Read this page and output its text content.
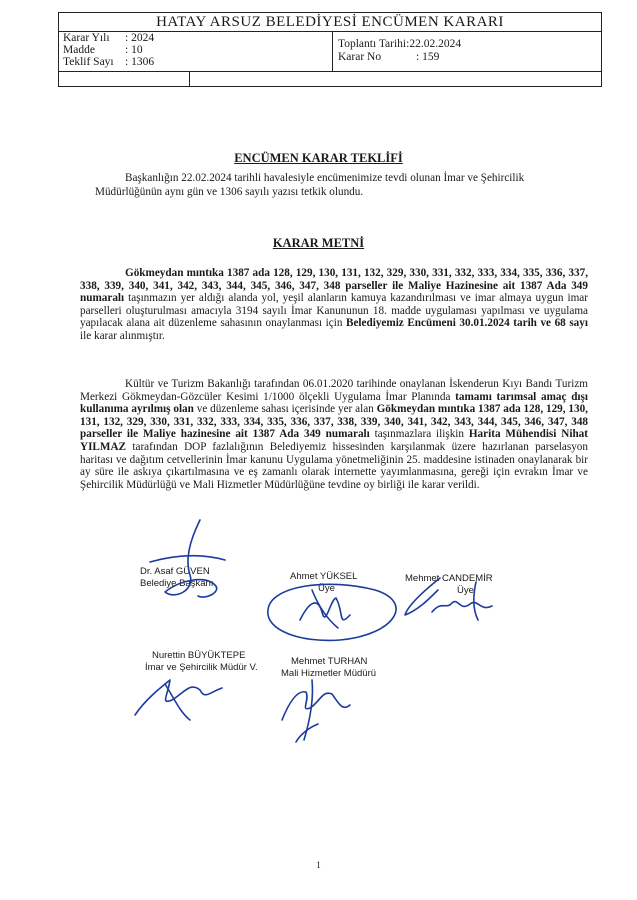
HATAY ARSUZ BELEDİYESİ ENCÜMEN KARARI
Karar Yılı : 2024
Madde	: 10
Teklif Sayı : 1306
Toplantı Tarihi:22.02.2024
Karar No	: 159
ENCÜMEN KARAR TEKLİFİ
Başkanlığın 22.02.2024 tarihli havalesiyle encümenimize tevdi olunan İmar ve Şehircilik
Müdürlüğünün aynı gün ve 1306 sayılı yazısı tetkik olundu.
KARAR METNİ
Gökmeydan mıntıka 1387 ada 128, 129, 130, 131, 132, 329, 330, 331, 332, 333, 334, 335, 336, 337, 338, 339, 340, 341, 342, 343, 344, 345, 346, 347, 348 parseller ile Maliye Hazinesine ait 1387 Ada 349 numaralı taşınmazın yer aldığı alanda yol, yeşil alanların kamuya kazandırılması ve imar almaya uygun imar parselleri oluşturulması amacıyla 3194 sayılı İmar Kanununun 18. madde uygulaması yapılması ve uygulama yapılacak alana ait düzenleme sahasının onaylanması için Belediyemiz Encümeni 30.01.2024 tarih ve 68 sayı ile karar alınmıştır.
Kültür ve Turizm Bakanlığı tarafından 06.01.2020 tarihinde onaylanan İskenderun Kıyı Bandı Turizm Merkezi Gökmeydan-Gözcüler Kesimi 1/1000 ölçekli Uygulama İmar Planında tamamı tarımsal amaç dışı kullanıma ayrılmış olan ve düzenleme sahası içerisinde yer alan Gökmeydan mıntıka 1387 ada 128, 129, 130, 131, 132, 329, 330, 331, 332, 333, 334, 335, 336, 337, 338, 339, 340, 341, 342, 343, 344, 345, 346, 347, 348 parseller ile Maliye hazinesine ait 1387 Ada 349 numaralı taşınmazlara ilişkin Harita Mühendisi Nihat YILMAZ tarafından DOP fazlalığının Belediyemiz hissesinden karşılanmak üzere hazırlanan parselasyon haritası ve dağıtım cetvellerinin İmar kanunu Uygulama yönetmeliğinin 25. maddesine istinaden onaylanarak bir ay süre ile askıya çıkartılmasına ve eş zamanlı olarak internette yayımlanmasına, gereği için evrakın İmar ve Şehircilik Müdürlüğü ve Mali Hizmetler Müdürlüğüne tevdine oy birliği ile karar verildi.
Dr. Asaf GÜVEN
Belediye Başkanı
Ahmet YÜKSEL
Üye
Mehmet CANDEMİR
Üye
Nurettin BÜYÜKTEPE
İmar ve Şehircilik Müdür V.
Mehmet TURHAN
Mali Hizmetler Müdürü
1
